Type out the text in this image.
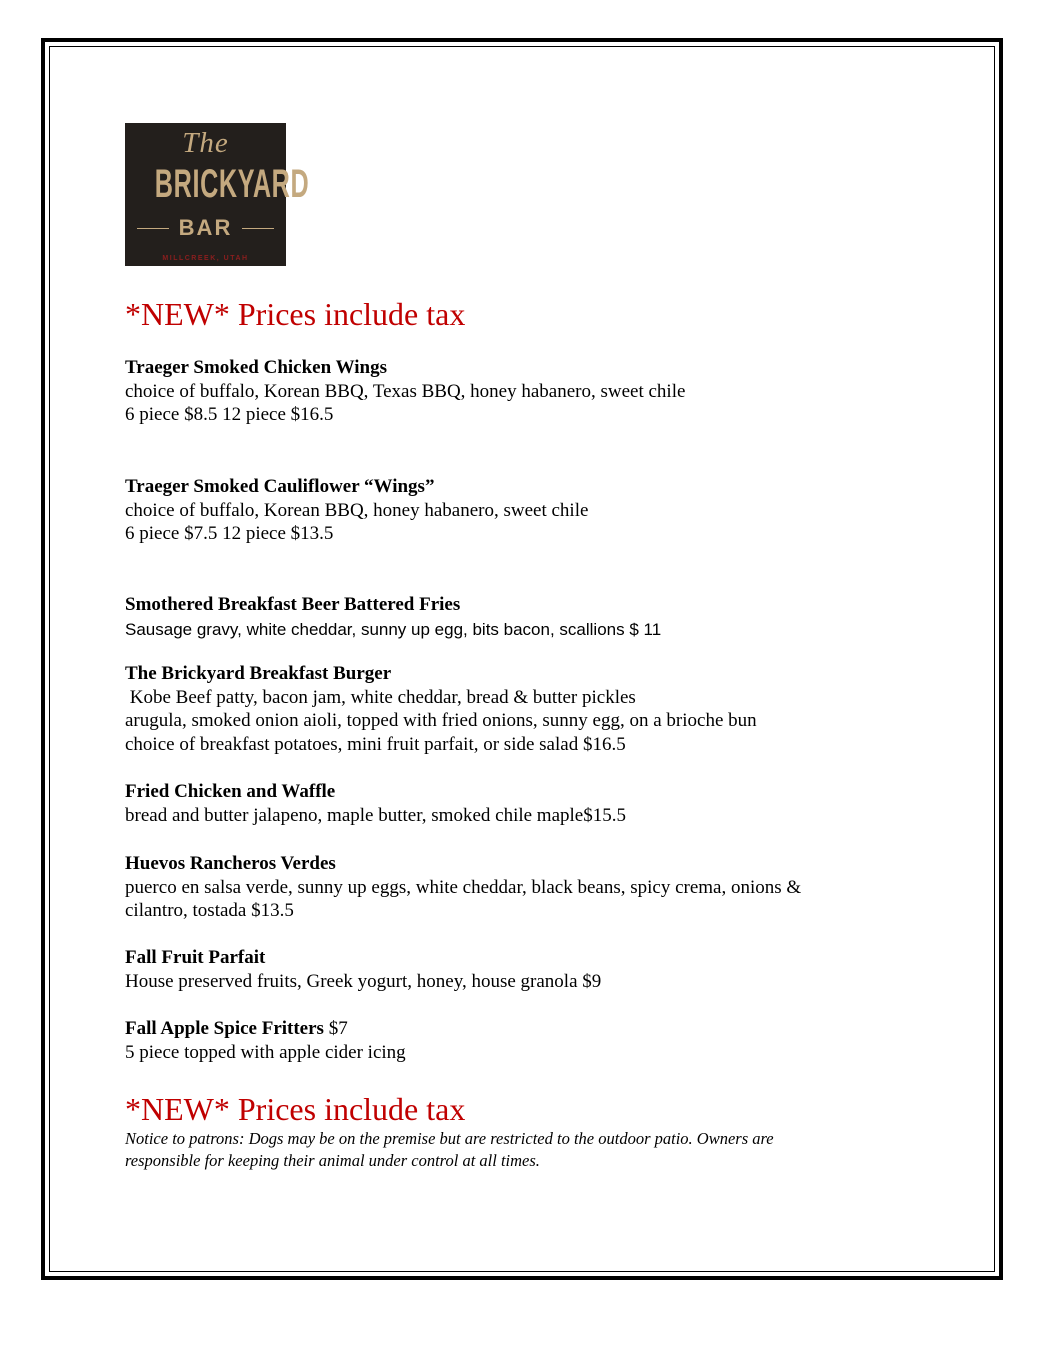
The
BRICKYARD
BAR
MILLCREEK, UTAH
*NEW* Prices include tax
Traeger Smoked Chicken Wings
choice of buffalo, Korean BBQ, Texas BBQ, honey habanero, sweet chile
6 piece $8.5 12 piece $16.5
Traeger Smoked Cauliflower “Wings”
choice of buffalo, Korean BBQ, honey habanero, sweet chile
6 piece $7.5 12 piece $13.5
Smothered Breakfast Beer Battered Fries
Sausage gravy, white cheddar, sunny up egg, bits bacon, scallions $ 11
The Brickyard Breakfast Burger
Kobe Beef patty, bacon jam, white cheddar, bread & butter pickles
arugula, smoked onion aioli, topped with fried onions, sunny egg, on a brioche bun
choice of breakfast potatoes, mini fruit parfait, or side salad $16.5
Fried Chicken and Waffle
bread and butter jalapeno, maple butter, smoked chile maple$15.5
Huevos Rancheros Verdes
puerco en salsa verde, sunny up eggs, white cheddar, black beans, spicy crema, onions &
cilantro, tostada $13.5
Fall Fruit Parfait
House preserved fruits, Greek yogurt, honey, house granola $9
Fall Apple Spice Fritters $7
5 piece topped with apple cider icing
*NEW* Prices include tax
Notice to patrons: Dogs may be on the premise but are restricted to the outdoor patio. Owners are
responsible for keeping their animal under control at all times.
